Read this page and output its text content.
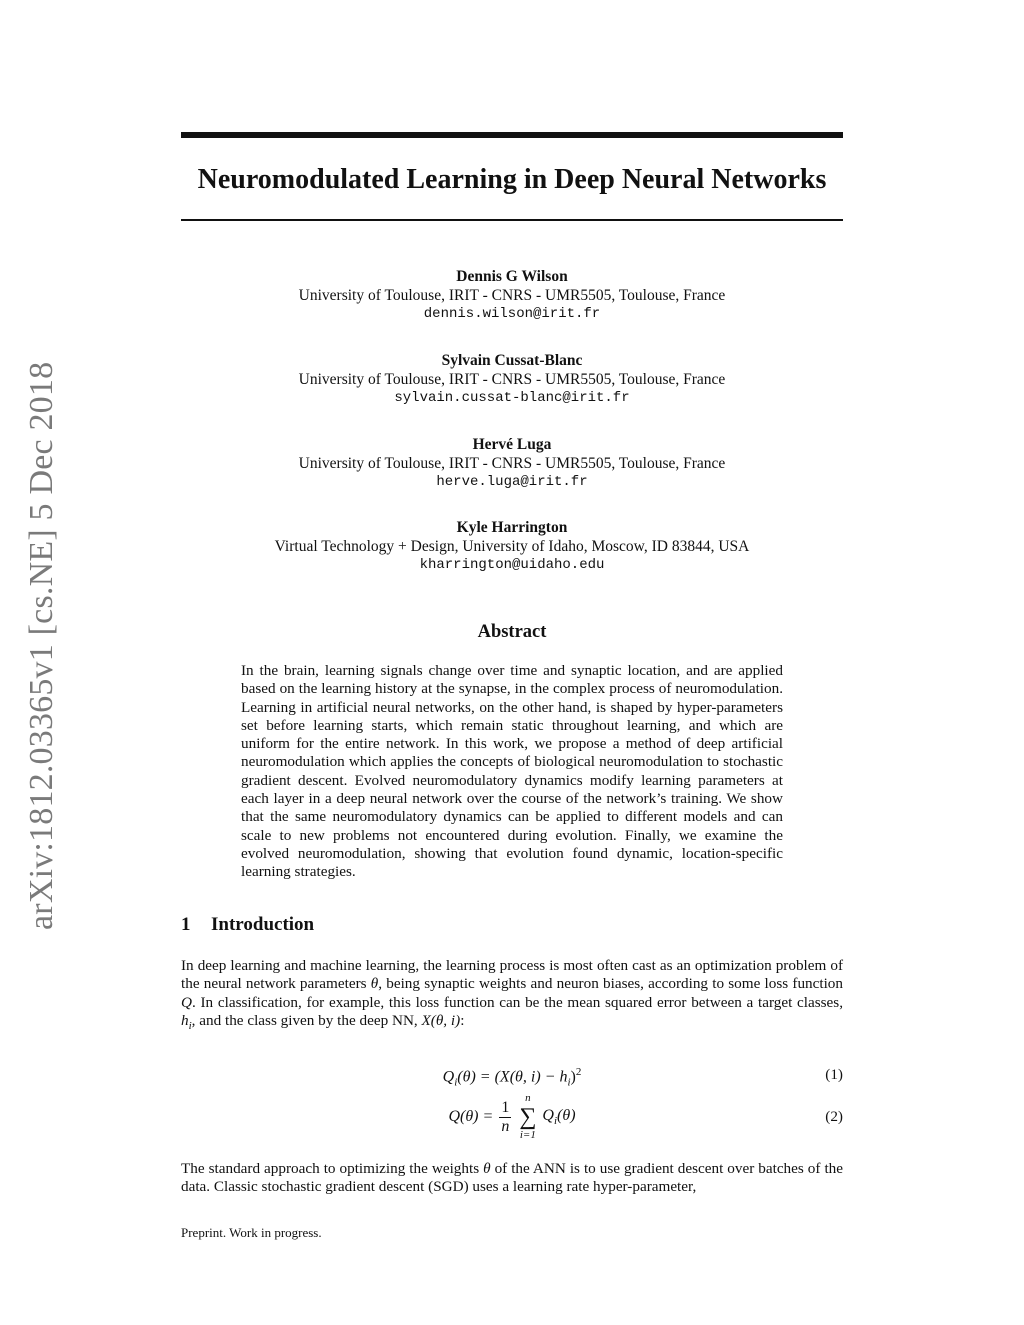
arXiv:1812.03365v1 [cs.NE] 5 Dec 2018
Neuromodulated Learning in Deep Neural Networks
Dennis G Wilson
University of Toulouse, IRIT - CNRS - UMR5505, Toulouse, France
dennis.wilson@irit.fr
Sylvain Cussat-Blanc
University of Toulouse, IRIT - CNRS - UMR5505, Toulouse, France
sylvain.cussat-blanc@irit.fr
Hervé Luga
University of Toulouse, IRIT - CNRS - UMR5505, Toulouse, France
herve.luga@irit.fr
Kyle Harrington
Virtual Technology + Design, University of Idaho, Moscow, ID 83844, USA
kharrington@uidaho.edu
Abstract

In the brain, learning signals change over time and synaptic location, and are applied based on the learning history at the synapse, in the complex process of neuromodulation. Learning in artificial neural networks, on the other hand, is shaped by hyper-parameters set before learning starts, which remain static throughout learning, and which are uniform for the entire network. In this work, we propose a method of deep artificial neuromodulation which applies the concepts of biological neuromodulation to stochastic gradient descent. Evolved neuromodulatory dynamics modify learning parameters at each layer in a deep neural network over the course of the network’s training. We show that the same neuromodulatory dynamics can be applied to different models and can scale to new problems not encountered during evolution. Finally, we examine the evolved neuromodulation, showing that evolution found dynamic, location-specific learning strategies.

1 Introduction

In deep learning and machine learning, the learning process is most often cast as an optimization problem of the neural network parameters θ, being synaptic weights and neuron biases, according to some loss function Q. In classification, for example, this loss function can be the mean squared error between a target classes, $h_i$, and the class given by the deep NN, X(θ, i):

$Q_i(\theta) = (X(\theta$, $i) - h_i)^2$	(1)
$Q(\theta) = \frac{1}{n}$

n
∑
i=1
$Q_i(\theta)$	(2)

The standard approach to optimizing the weights θ of the ANN is to use gradient descent over batches of the data. Classic stochastic gradient descent (SGD) uses a learning rate hyper-parameter,

Preprint. Work in progress.
